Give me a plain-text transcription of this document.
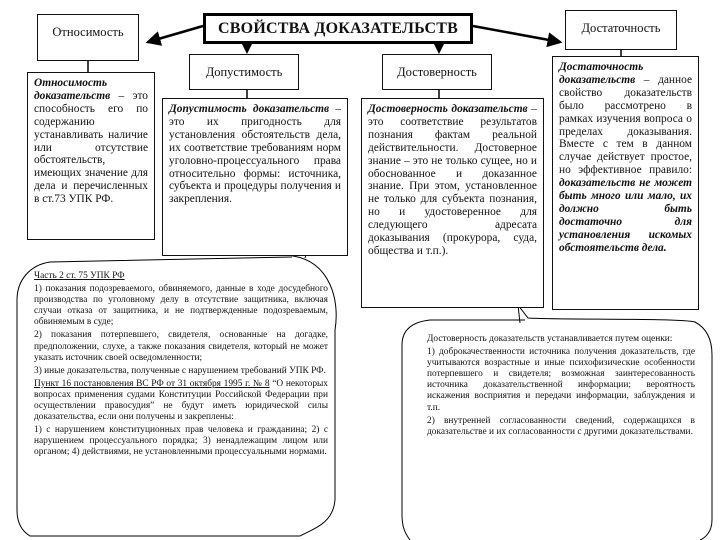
СВОЙСТВА ДОКАЗАТЕЛЬСТВ
Относимость
Допустимость	Достоверность
Достаточность
Относимость доказательств – это способность его по содержанию устанавливать наличие или отсутствие обстоятельств, имеющих значение для дела и перечисленных в ст.73 УПК РФ.
Допустимость доказательств – это их пригодность для установления обстоятельств дела, их соответствие требованиям норм уголовно-процессуального права относительно формы: источника, субъекта и процедуры получения и закрепления.
Достоверность доказательств – это соответствие результатов познания фактам реальной действительности. Достоверное знание – это не только сущее, но и обоснованное и доказанное знание. При этом, установленное не только для субъекта познания, но и удостоверенное для следующего адресата доказывания (прокурора, суда, общества и т.п.).
Достаточность доказательств – данное свойство доказательств было рассмотрено в рамках изучения вопроса о пределах доказывания. Вместе с тем в данном случае действует простое, но эффективное правило: доказательств не может быть много или мало, их должно быть достаточно для установления искомых обстоятельств дела.

Часть 2 ст. 75 УПК РФ

1) показания подозреваемого, обвиняемого, данные в ходе досудебного производства по уголовному делу в отсутствие защитника, включая случаи отказа от защитника, и не подтвержденные подозреваемым, обвиняемым в суде;

2) показания потерпевшего, свидетеля, основанные на догадке, предположении, слухе, а также показания свидетеля, который не может указать источник своей осведомленности;

3) иные доказательства, полученные с нарушением требований УПК РФ.

Пункт 16 постановления ВС РФ от 31 октября 1995 г. № 8 “О некоторых вопросах применения судами Конституции Российской Федерации при осуществлении правосудия” не будут иметь юридической силы доказательства, если они получены и закреплены:

1) с нарушением конституционных прав человека и гражданина; 2) с нарушением процессуального порядка; 3) ненадлежащим лицом или органом; 4) действиями, не установленными процессуальными нормами.

Достоверность доказательств устанавливается путем оценки:

1) доброкачественности источника получения доказательств, где учитываются возрастные и иные психофизические особенности потерпевшего и свидетеля; возможная заинтересованность источника доказательственной информации; вероятность искажения восприятия и передачи информации, заблуждения и т.п.

2) внутренней согласованности сведений, содержащихся в доказательстве и их согласованности с другими доказательствами.
